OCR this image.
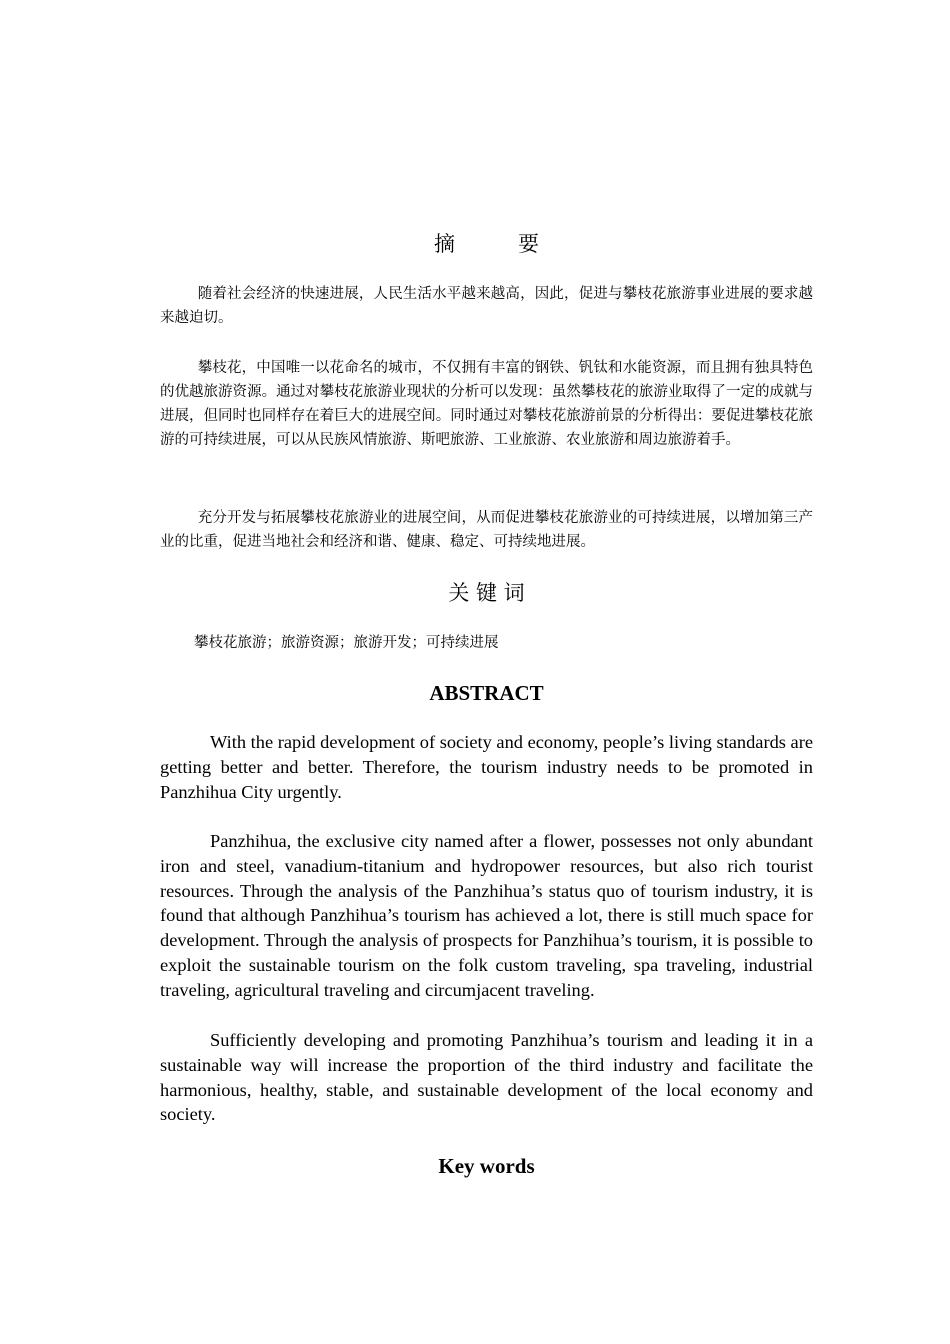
摘　　　要

随着社会经济的快速进展，人民生活水平越来越高，因此，促进与攀枝花旅游事业进展的要求越来越迫切。

攀枝花，中国唯一以花命名的城市，不仅拥有丰富的钢铁、钒钛和水能资源，而且拥有独具特色的优越旅游资源。通过对攀枝花旅游业现状的分析可以发现：虽然攀枝花的旅游业取得了一定的成就与进展，但同时也同样存在着巨大的进展空间。同时通过对攀枝花旅游前景的分析得出：要促进攀枝花旅游的可持续进展，可以从民族风情旅游、斯吧旅游、工业旅游、农业旅游和周边旅游着手。

充分开发与拓展攀枝花旅游业的进展空间，从而促进攀枝花旅游业的可持续进展，以增加第三产业的比重，促进当地社会和经济和谐、健康、稳定、可持续地进展。

关 键 词

攀枝花旅游；旅游资源；旅游开发；可持续进展

ABSTRACT

With the rapid development of society and economy, people’s living standards are getting better and better. Therefore, the tourism industry needs to be promoted in Panzhihua City urgently.

Panzhihua, the exclusive city named after a flower, possesses not only abundant iron and steel, vanadium-titanium and hydropower resources, but also rich tourist resources. Through the analysis of the Panzhihua’s status quo of tourism industry, it is found that although Panzhihua’s tourism has achieved a lot, there is still much space for development. Through the analysis of prospects for Panzhihua’s tourism, it is possible to exploit the sustainable tourism on the folk custom traveling, spa traveling, industrial traveling, agricultural traveling and circumjacent traveling.

Sufficiently developing and promoting Panzhihua’s tourism and leading it in a sustainable way will increase the proportion of the third industry and facilitate the harmonious, healthy, stable, and sustainable development of the local economy and society.

Key words
